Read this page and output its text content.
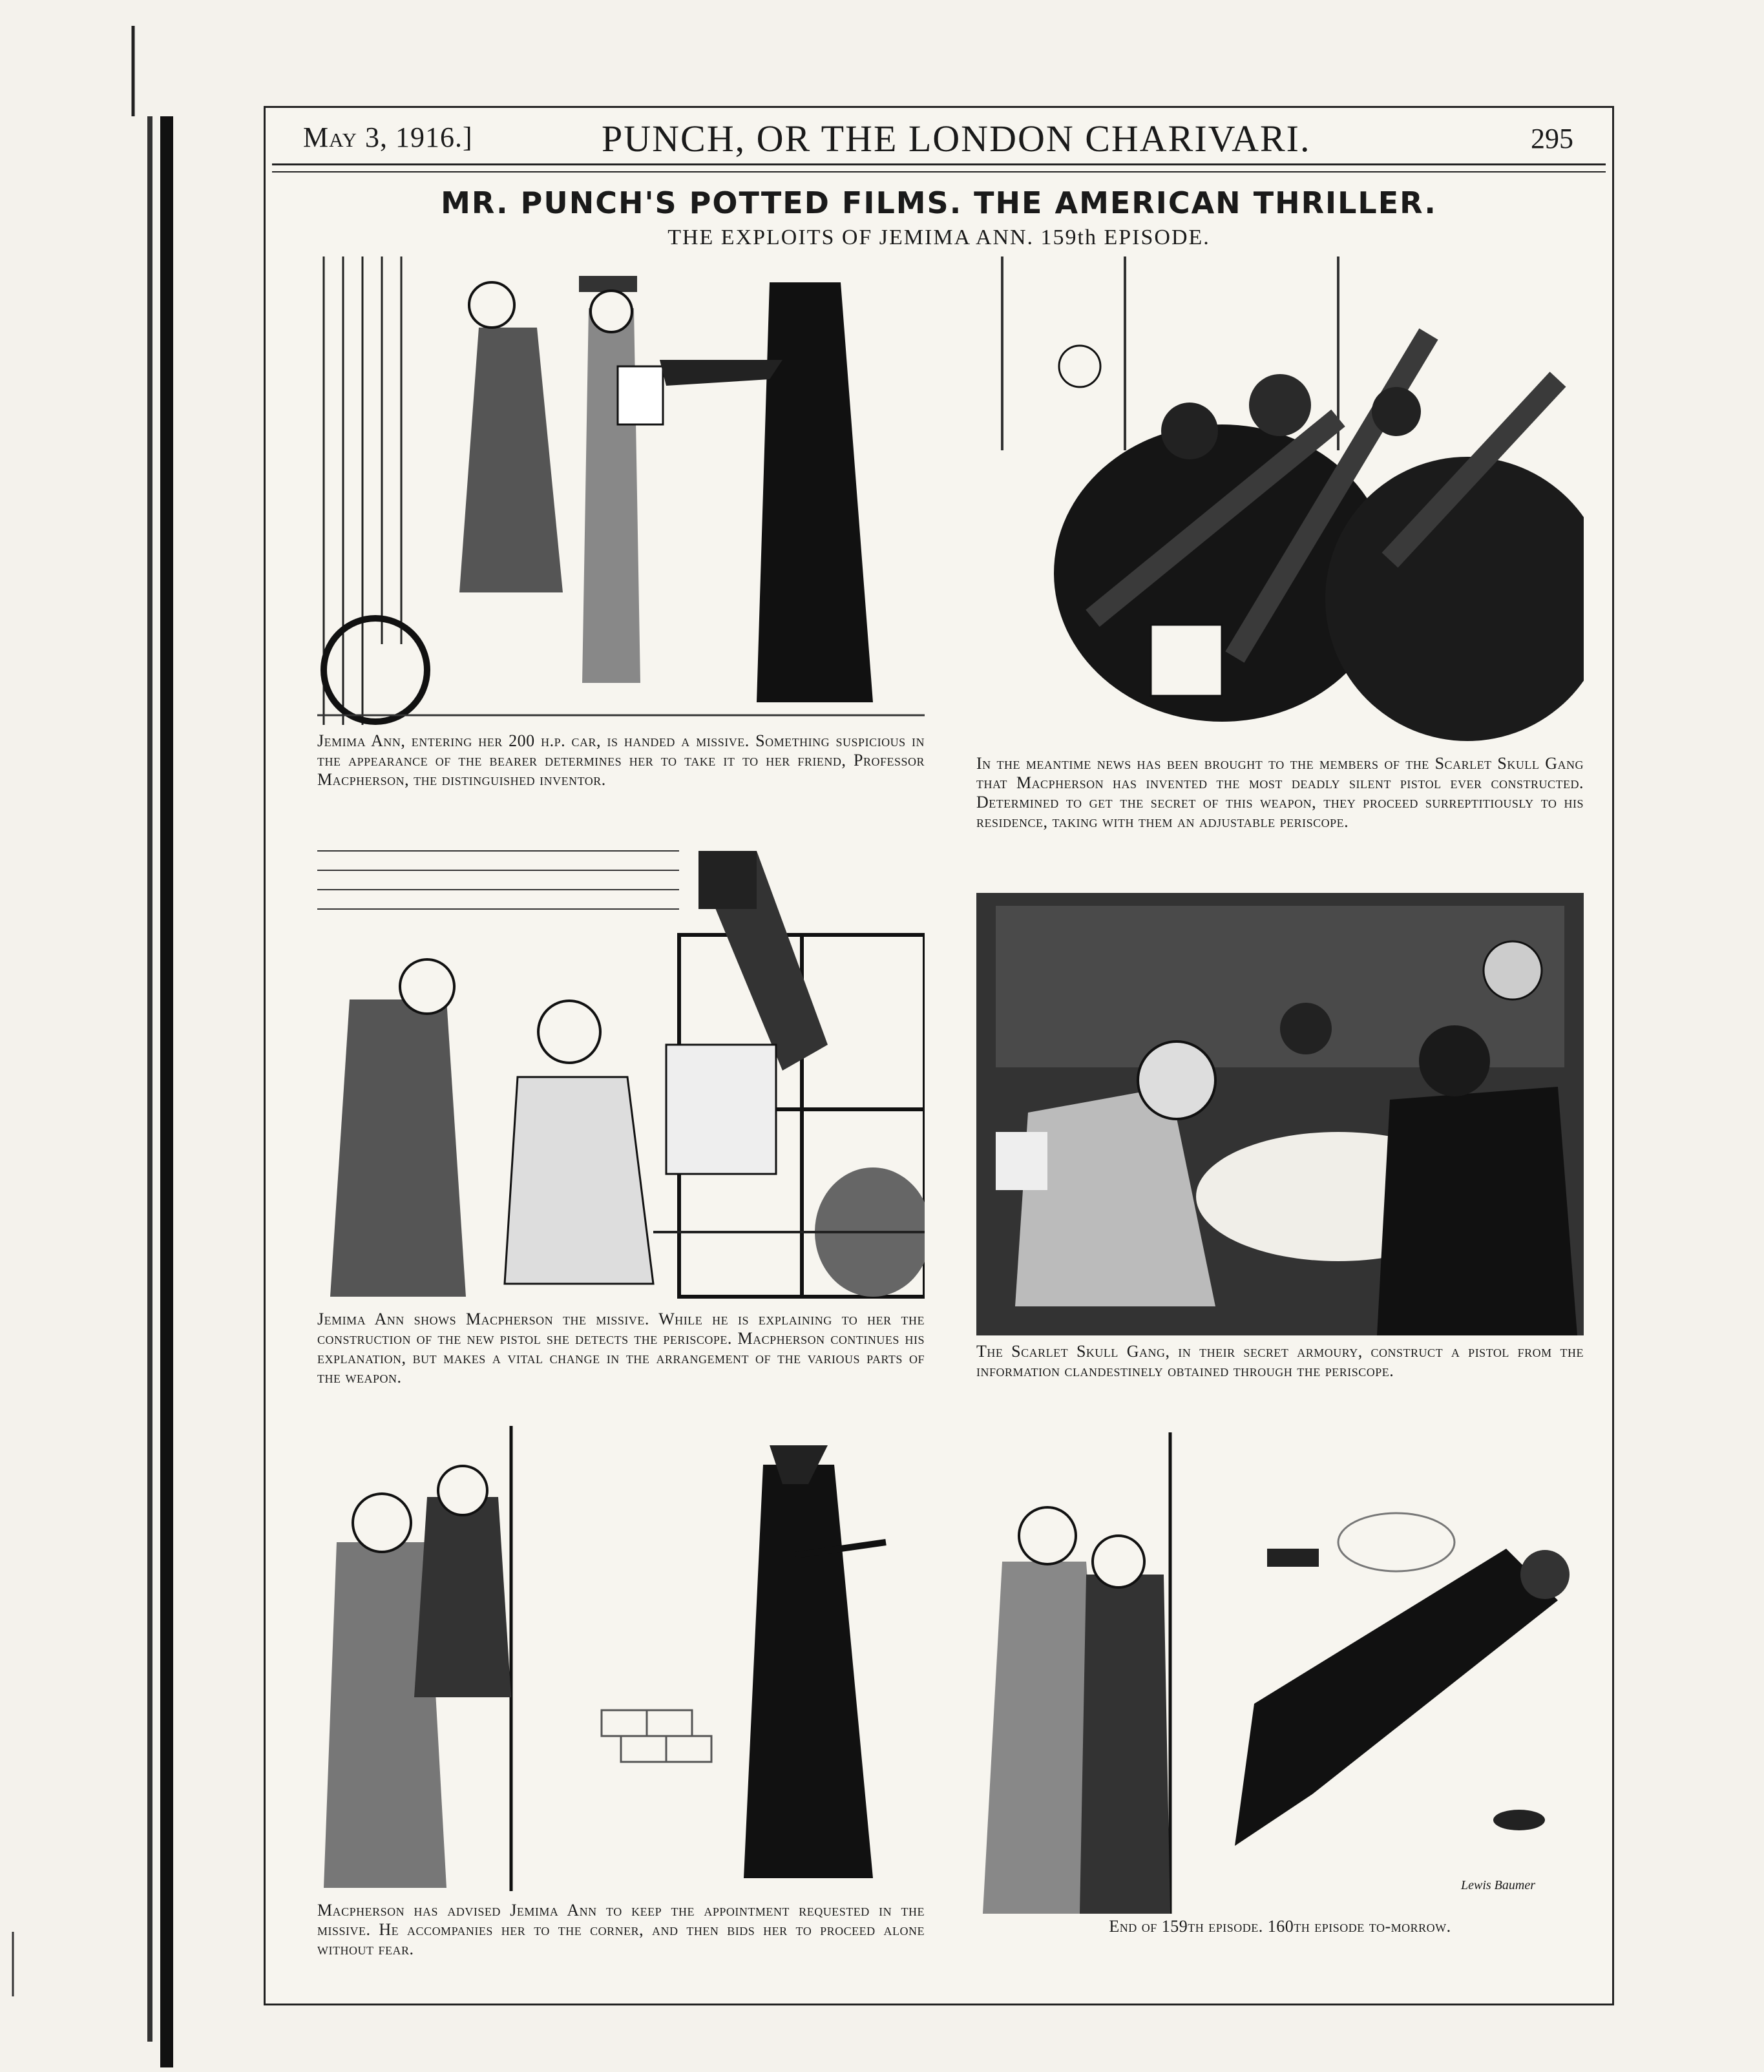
May 3, 1916.]	PUNCH, OR THE LONDON CHARIVARI.	295
MR. PUNCH'S POTTED FILMS. THE AMERICAN THRILLER.
THE EXPLOITS OF JEMIMA ANN. 159th EPISODE.
Jemima Ann, entering her 200 h.p. car, is handed a missive. Something suspicious in the appearance of the bearer determines her to take it to her friend, Professor Macpherson, the distinguished inventor.
In the meantime news has been brought to the members of the Scarlet Skull Gang that Macpherson has invented the most deadly silent pistol ever constructed. Determined to get the secret of this weapon, they proceed surreptitiously to his residence, taking with them an adjustable periscope.
Jemima Ann shows Macpherson the missive. While he is explaining to her the construction of the new pistol she detects the periscope. Macpherson continues his explanation, but makes a vital change in the arrangement of the various parts of the weapon.
The Scarlet Skull Gang, in their secret armoury, construct a pistol from the information clandestinely obtained through the periscope.
Macpherson has advised Jemima Ann to keep the appointment requested in the missive. He accompanies her to the corner, and then bids her to proceed alone without fear.
End of 159th episode. 160th episode to-morrow.
Lewis Baumer
